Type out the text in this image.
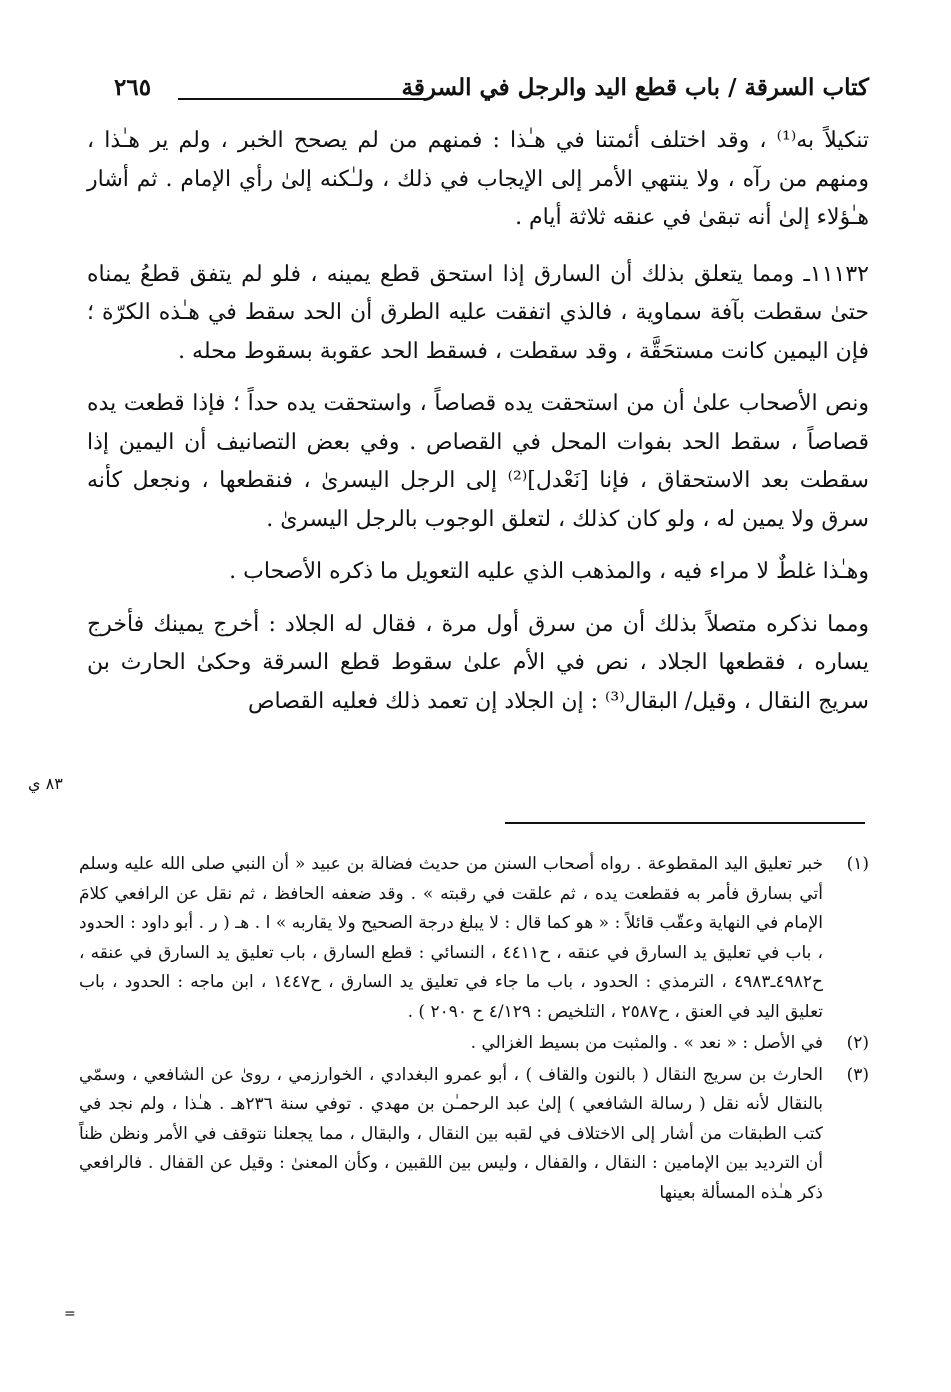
كتاب السرقة / باب قطع اليد والرجل في السرقة
٢٦٥

تنكيلاً به⁽¹⁾ ، وقد اختلف أئمتنا في هـٰذا : فمنهم من لم يصحح الخبر ، ولم ير هـٰذا ، ومنهم من رآه ، ولا ينتهي الأمر إلى الإيجاب في ذلك ، ولـٰكنه إلىٰ رأي الإمام . ثم أشار هـٰؤلاء إلىٰ أنه تبقىٰ في عنقه ثلاثة أيام .

١١١٣٢ـ ومما يتعلق بذلك أن السارق إذا استحق قطع يمينه ، فلو لم يتفق قطعُ يمناه حتىٰ سقطت بآفة سماوية ، فالذي اتفقت عليه الطرق أن الحد سقط في هـٰذه الكرّة ؛ فإن اليمين كانت مستحَقَّة ، وقد سقطت ، فسقط الحد عقوبة بسقوط محله .

ونص الأصحاب علىٰ أن من استحقت يده قصاصاً ، واستحقت يده حداً ؛ فإذا قطعت يده قصاصاً ، سقط الحد بفوات المحل في القصاص . وفي بعض التصانيف أن اليمين إذا سقطت بعد الاستحقاق ، فإنا [نَعْدل]⁽²⁾ إلى الرجل اليسرىٰ ، فنقطعها ، ونجعل كأنه سرق ولا يمين له ، ولو كان كذلك ، لتعلق الوجوب بالرجل اليسرىٰ .

وهـٰذا غلطٌ لا مراء فيه ، والمذهب الذي عليه التعويل ما ذكره الأصحاب .

ومما نذكره متصلاً بذلك أن من سرق أول مرة ، فقال له الجلاد : أخرج يمينك فأخرج يساره ، فقطعها الجلاد ، نص في الأم علىٰ سقوط قطع السرقة وحكىٰ الحارث بن سريج النقال ، وقيل/ البقال⁽³⁾ : إن الجلاد إن تعمد ذلك فعليه القصاص

٨٣ ي
(١)
خبر تعليق اليد المقطوعة . رواه أصحاب السنن من حديث فضالة بن عبيد « أن النبي صلى الله عليه وسلم أتي بسارق فأمر به فقطعت يده ، ثم علقت في رقبته » . وقد ضعفه الحافظ ، ثم نقل عن الرافعي كلامَ الإمام في النهاية وعقّب قائلاً : « هو كما قال : لا يبلغ درجة الصحيح ولا يقاربه » ا . هـ ( ر . أبو داود : الحدود ، باب في تعليق يد السارق في عنقه ، ح٤٤١١ ، النسائي : قطع السارق ، باب تعليق يد السارق في عنقه ، ح٤٩٨٢ـ٤٩٨٣ ، الترمذي : الحدود ، باب ما جاء في تعليق يد السارق ، ح١٤٤٧ ، ابن ماجه : الحدود ، باب تعليق اليد في العنق ، ح٢٥٨٧ ، التلخيص : ٤/١٢٩ ح ٢٠٩٠ ) .
(٢)
في الأصل : « نعد » . والمثبت من بسيط الغزالي .
(٣)
الحارث بن سريج النقال ( بالنون والقاف ) ، أبو عمرو البغدادي ، الخوارزمي ، روىٰ عن الشافعي ، وسمّي بالنقال لأنه نقل ( رسالة الشافعي ) إلىٰ عبد الرحمـٰن بن مهدي . توفي سنة ٢٣٦هـ . هـٰذا ، ولم نجد في كتب الطبقات من أشار إلى الاختلاف في لقبه بين النقال ، والبقال ، مما يجعلنا نتوقف في الأمر ونظن ظناً أن الترديد بين الإمامين : النقال ، والقفال ، وليس بين اللقبين ، وكأن المعنىٰ : وقيل عن القفال . فالرافعي ذكر هـٰذه المسألة بعينها
=
